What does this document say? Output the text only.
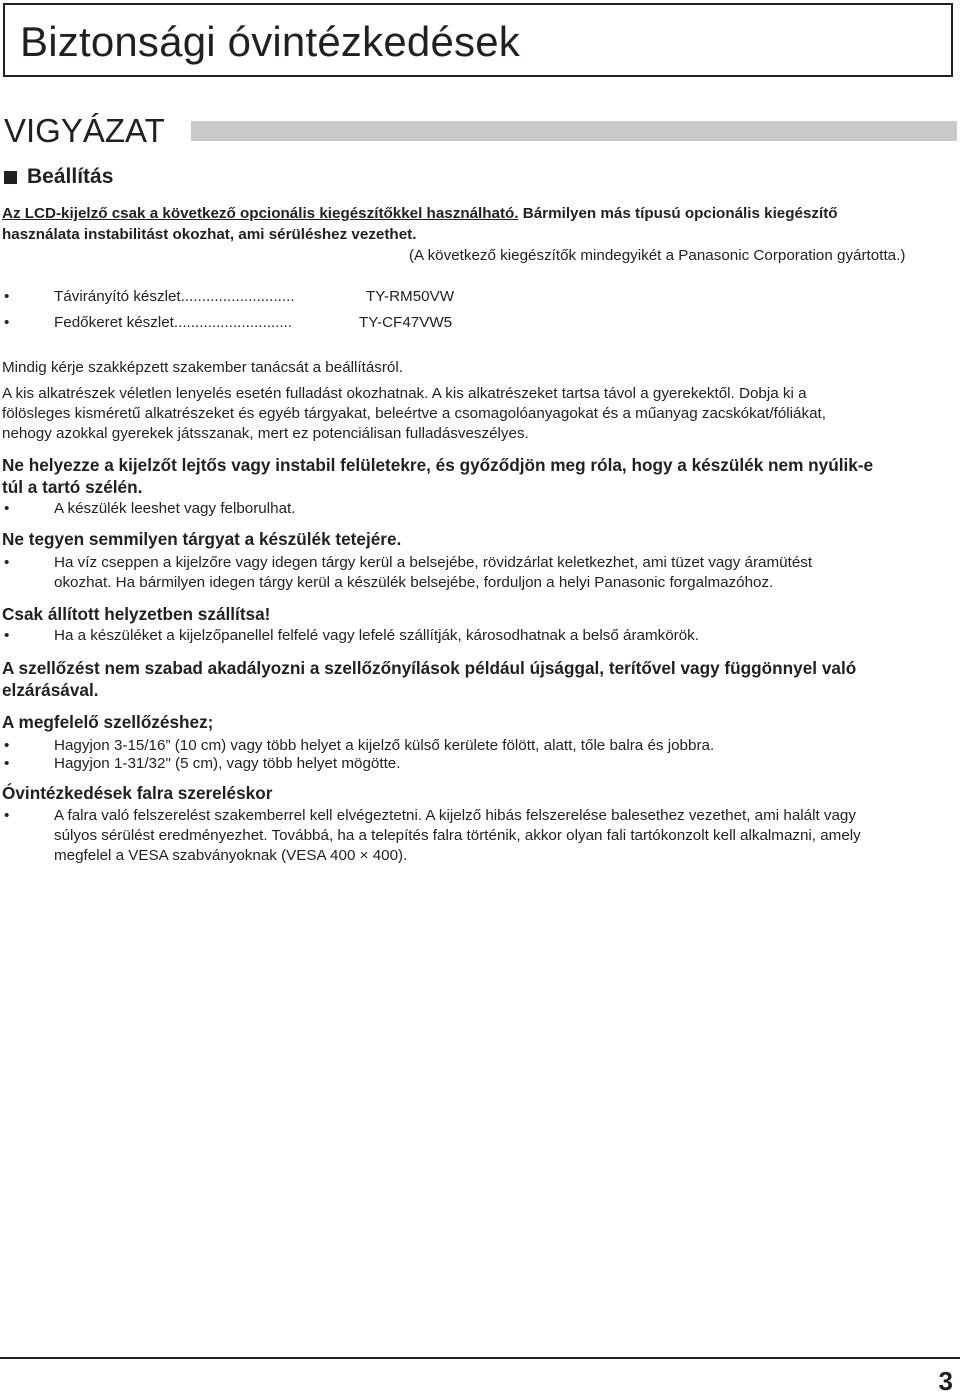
Biztonsági óvintézkedések
VIGYÁZAT
Beállítás

Az LCD-kijelző csak a következő opcionális kiegészítőkkel használható. Bármilyen más típusú opcionális kiegészítő

használata instabilitást okozhat, ami sérüléshez vezethet.

(A következő kiegészítők mindegyikét a Panasonic Corporation gyártotta.)

•	Távirányító készlet...........................	TY-RM50VW
•	Fedőkeret készlet............................	TY-CF47VW5

Mindig kérje szakképzett szakember tanácsát a beállításról.

A kis alkatrészek véletlen lenyelés esetén fulladást okozhatnak. A kis alkatrészeket tartsa távol a gyerekektől. Dobja ki a

fölösleges kisméretű alkatrészeket és egyéb tárgyakat, beleértve a csomagolóanyagokat és a műanyag zacskókat/fóliákat,

nehogy azokkal gyerekek játsszanak, mert ez potenciálisan fulladásveszélyes.

Ne helyezze a kijelzőt lejtős vagy instabil felületekre, és győződjön meg róla, hogy a készülék nem nyúlik-e

túl a tartó szélén.

•	A készülék leeshet vagy felborulhat.

Ne tegyen semmilyen tárgyat a készülék tetejére.

•	Ha víz cseppen a kijelzőre vagy idegen tárgy kerül a belsejébe, rövidzárlat keletkezhet, ami tüzet vagy áramütést
okozhat. Ha bármilyen idegen tárgy kerül a készülék belsejébe, forduljon a helyi Panasonic forgalmazóhoz.

Csak állított helyzetben szállítsa!

•	Ha a készüléket a kijelzőpanellel felfelé vagy lefelé szállítják, károsodhatnak a belső áramkörök.

A szellőzést nem szabad akadályozni a szellőzőnyílások például újsággal, terítővel vagy függönnyel való

elzárásával.

A megfelelő szellőzéshez;

•	Hagyjon 3-15/16” (10 cm) vagy több helyet a kijelző külső kerülete fölött, alatt, tőle balra és jobbra.
•	Hagyjon 1-31/32" (5 cm), vagy több helyet mögötte.

Óvintézkedések falra szereléskor

•	A falra való felszerelést szakemberrel kell elvégeztetni. A kijelző hibás felszerelése balesethez vezethet, ami halált vagy
súlyos sérülést eredményezhet. Továbbá, ha a telepítés falra történik, akkor olyan fali tartókonzolt kell alkalmazni, amely
megfelel a VESA szabványoknak (VESA 400 × 400).
3
